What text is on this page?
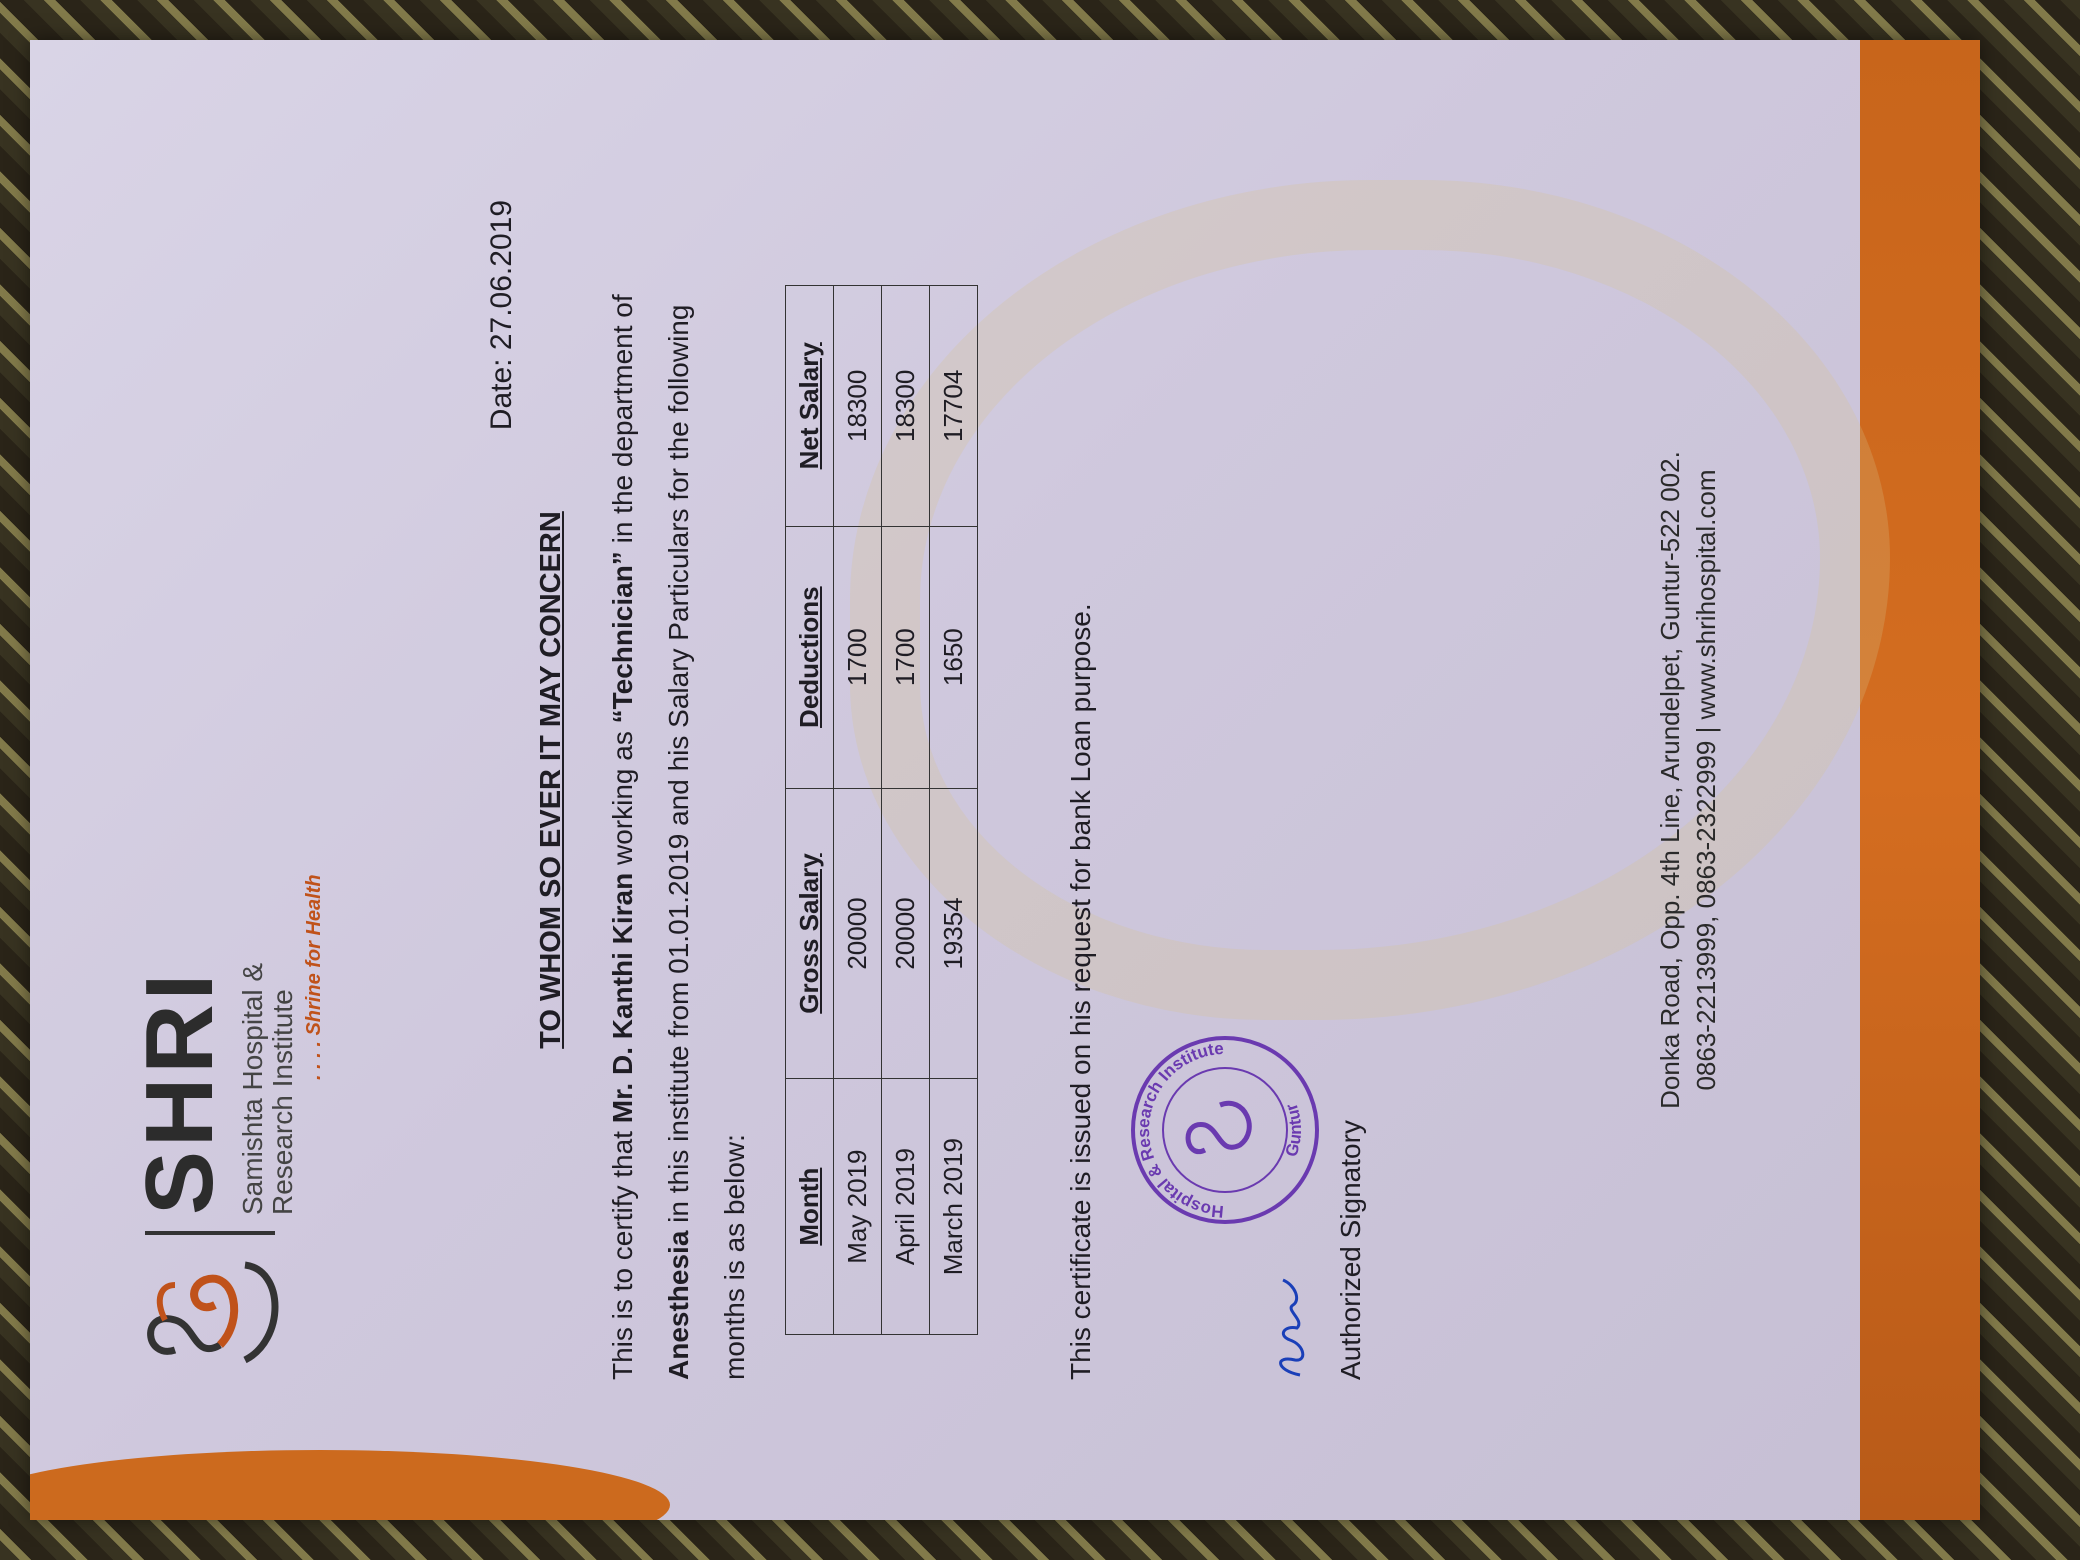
SHRI Samishta Hospital & Research Institute
. . . . Shrine for Health
Date: 27.06.2019
TO WHOM SO EVER IT MAY CONCERN
This is to certify that Mr. D. Kanthi Kiran working as “Technician” in the department of Anesthesia in this institute from 01.01.2019 and his Salary Particulars for the following months is as below:	Month	Gross Salary	Deductions	Net Salary
May 2019	20000	1700	18300
April 2019	20000	1700	18300
March 2019	19354	1650	17704
This certificate is issued on his request for bank Loan purpose.	Hospital & Research Institute
Guntur
Authorized Signatory
Donka Road, Opp. 4th Line, Arundelpet, Guntur-522 002. 0863-2213999, 0863-2322999 | www.shrihospital.com
